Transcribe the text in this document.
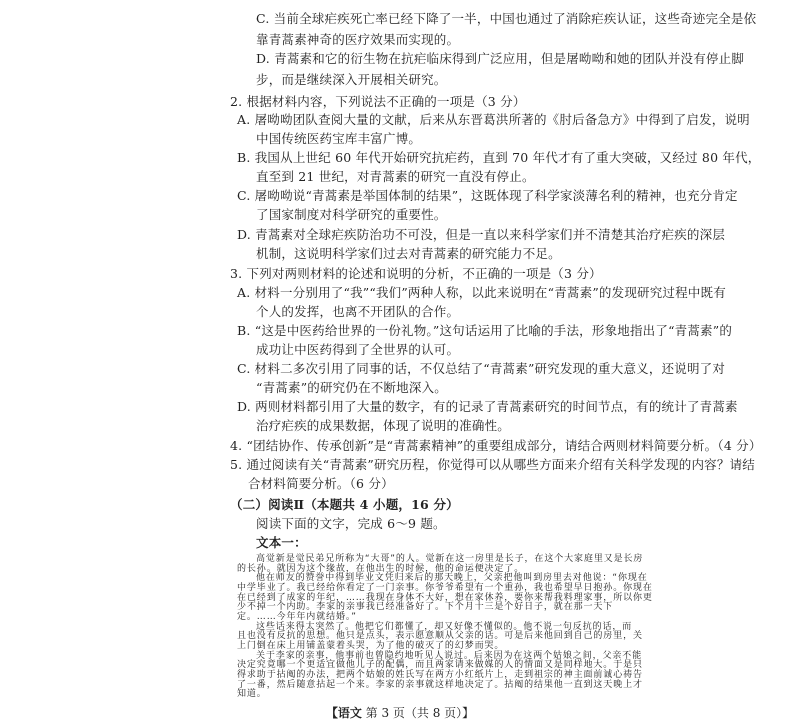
C. 当前全球疟疾死亡率已经下降了一半，中国也通过了消除疟疾认证，这些奇迹完全是依
靠青蒿素神奇的医疗效果而实现的。
D. 青蒿素和它的衍生物在抗疟临床得到广泛应用，但是屠呦呦和她的团队并没有停止脚
步，而是继续深入开展相关研究。
2. 根据材料内容，下列说法不正确的一项是（3 分）
A. 屠呦呦团队查阅大量的文献，后来从东晋葛洪所著的《肘后备急方》中得到了启发，说明
中国传统医药宝库丰富广博。
B. 我国从上世纪 60 年代开始研究抗疟药，直到 70 年代才有了重大突破，又经过 80 年代，
直至到 21 世纪，对青蒿素的研究一直没有停止。
C. 屠呦呦说“青蒿素是举国体制的结果”，这既体现了科学家淡薄名利的精神，也充分肯定
了国家制度对科学研究的重要性。
D. 青蒿素对全球疟疾防治功不可没，但是一直以来科学家们并不清楚其治疗疟疾的深层
机制，这说明科学家们过去对青蒿素的研究能力不足。
3. 下列对两则材料的论述和说明的分析，不正确的一项是（3 分）
A. 材料一分别用了“我”“我们”两种人称，以此来说明在“青蒿素”的发现研究过程中既有
个人的发挥，也离不开团队的合作。
B. “这是中医药给世界的一份礼物。”这句话运用了比喻的手法，形象地指出了“青蒿素”的
成功让中医药得到了全世界的认可。
C. 材料二多次引用了同事的话，不仅总结了“青蒿素”研究发现的重大意义，还说明了对
“青蒿素”的研究仍在不断地深入。
D. 两则材料都引用了大量的数字，有的记录了青蒿素研究的时间节点，有的统计了青蒿素
治疗疟疾的成果数据，体现了说明的准确性。
4. “团结协作、传承创新”是“青蒿素精神”的重要组成部分，请结合两则材料简要分析。（4 分）
5. 通过阅读有关“青蒿素”研究历程，你觉得可以从哪些方面来介绍有关科学发现的内容？请结
合材料简要分析。（6 分）
（二）阅读Ⅱ（本题共 4 小题，16 分）
阅读下面的文字，完成 6～9 题。
文本一：
【语文 第 3 页（共 8 页）】
高觉新是觉民弟兄所称为“大哥”的人。觉新在这一房里是长子，在这个大家庭里又是长房
的长孙。就因为这个缘故，在他出生的时候，他的命运便决定了。
他在师友的赞誉中得到毕业文凭归来后的那天晚上，父亲把他叫到房里去对他说：“你现在
中学毕业了。我已经给你看定了一门亲事。你爷爷希望有一个重孙，我也希望早日抱孙。你现在
在已经到了成家的年纪，……我现在身体不大好，想在家休养，要你来帮我料理家事，所以你更
少不掉一个内助。李家的亲事我已经准备好了。下个月十三是个好日子，就在那一天下
定。……今年年内就结婚。”
这些话来得太突然了。他把它们都懂了，却又好像不懂似的。他不说一句反抗的话，而
且也没有反抗的思想。他只是点头，表示愿意顺从父亲的话。可是后来他回到自己的房里，关
上门倒在床上用铺盖蒙着头哭，为了他的破灭了的幻梦而哭。
关于李家的亲事，他事前也曾隐约地听见人说过。后来因为在这两个姑娘之间，父亲不能
决定究竟哪一个更适宜做他儿子的配偶，而且两家请来做媒的人的情面又是同样地大。于是只
得求助于拈阄的办法，把两个姑娘的姓氏写在两方小红纸片上，走到祖宗的神主面前诚心祷告
了一番，然后随意拈起一个来。李家的亲事就这样地决定了。拈阄的结果他一直到这天晚上才
知道。
